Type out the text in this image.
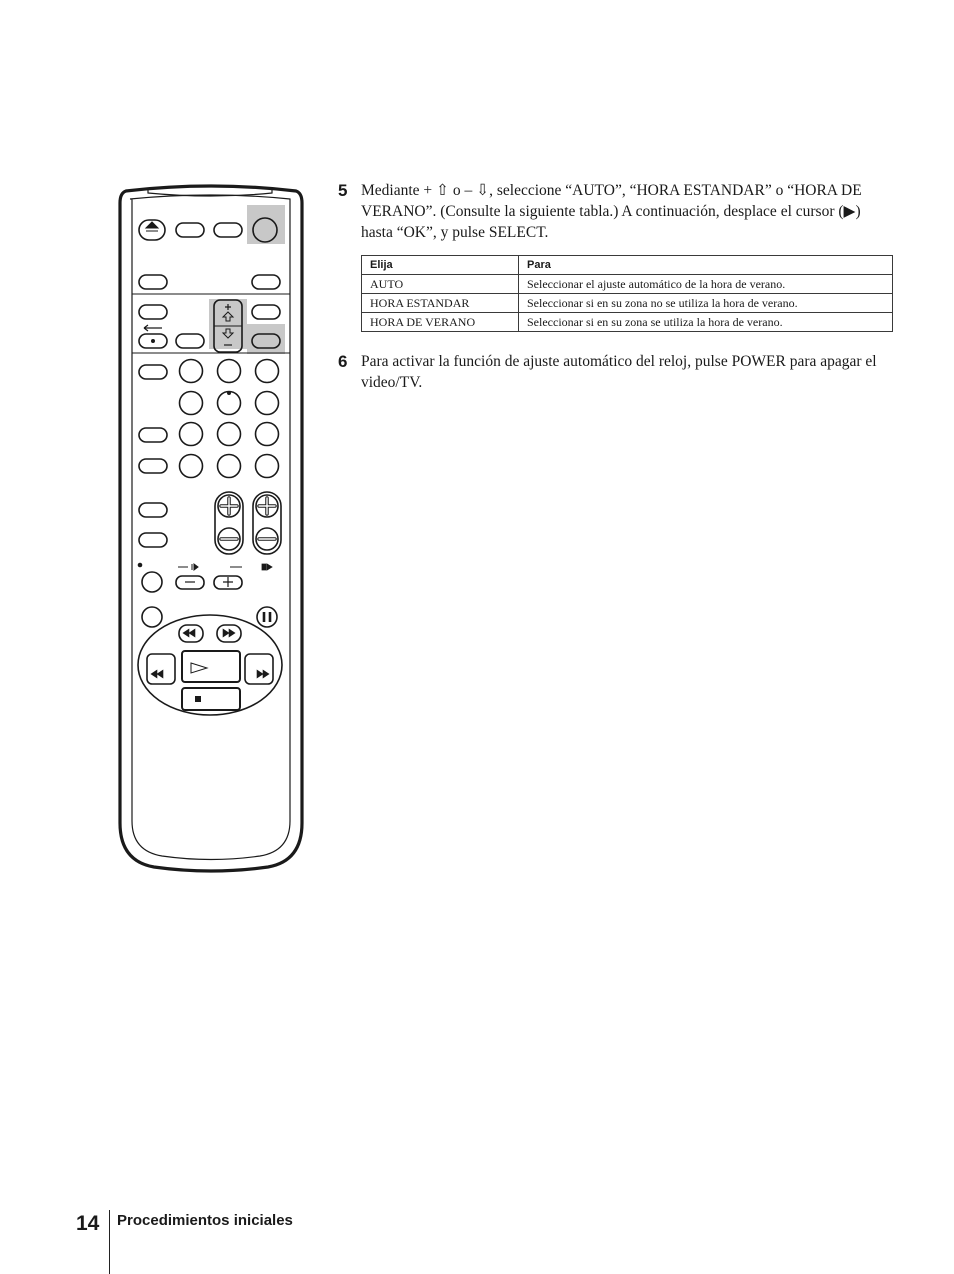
5 Mediante + ⇧ o – ⇩, seleccione “AUTO”, “HORA ESTANDAR” o “HORA DE VERANO”. (Consulte la siguiente tabla.) A continuación, desplace el cursor (▶) hasta “OK”, y pulse SELECT.
Elija	Para
AUTO	Seleccionar el ajuste automático de la hora de verano.
HORA ESTANDAR	Seleccionar si en su zona no se utiliza la hora de verano.
HORA DE VERANO	Seleccionar si en su zona se utiliza la hora de verano.
6 Para activar la función de ajuste automático del reloj, pulse POWER para apagar el video/TV.
14 Procedimientos iniciales
